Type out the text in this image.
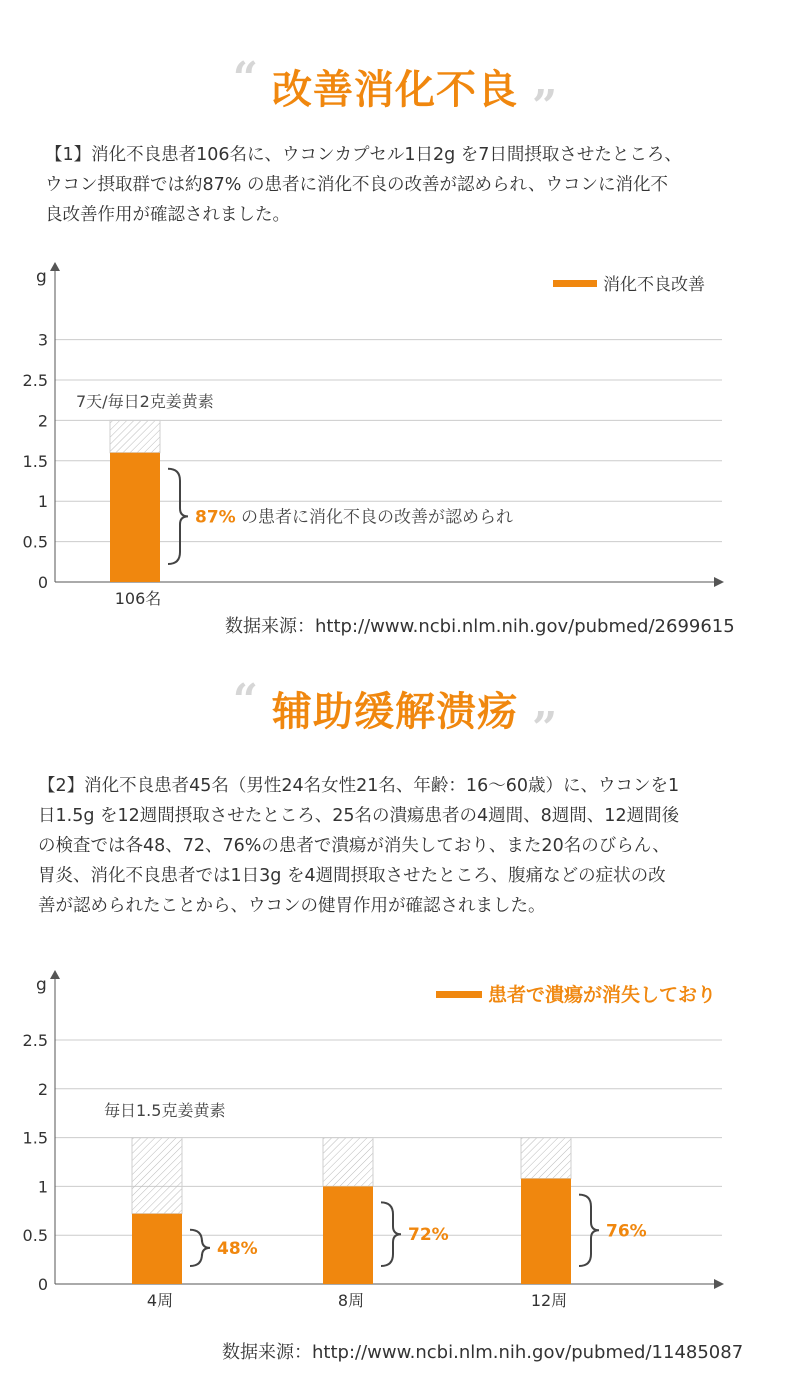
“ 改善消化不良 ”
【1】消化不良患者106名に、ウコンカプセル1日2g を7日間摂取させたところ、
ウコン摂取群では約87% の患者に消化不良の改善が認められ、ウコンに消化不
良改善作用が確認されました。
0
0.5
1
1.5
2
2.5
3
g	消化不良改善
7天/毎日2克姜黄素
106名
87% の患者に消化不良の改善が認められ
数据来源：http://www.ncbi.nlm.nih.gov/pubmed/2699615
“ 辅助缓解溃疡 ”
【2】消化不良患者45名（男性24名女性21名、年齢：16〜60歳）に、ウコンを1
日1.5g を12週間摂取させたところ、25名の潰瘍患者の4週間、8週間、12週間後
の検査では各48、72、76%の患者で潰瘍が消失しており、また20名のびらん、
胃炎、消化不良患者では1日3g を4週間摂取させたところ、腹痛などの症状の改
善が認められたことから、ウコンの健胃作用が確認されました。
0
0.5
1
1.5
2
2.5
g	患者で潰瘍が消失しており
毎日1.5克姜黄素
4周
48%
8周
72%
12周
76%
数据来源：http://www.ncbi.nlm.nih.gov/pubmed/11485087
